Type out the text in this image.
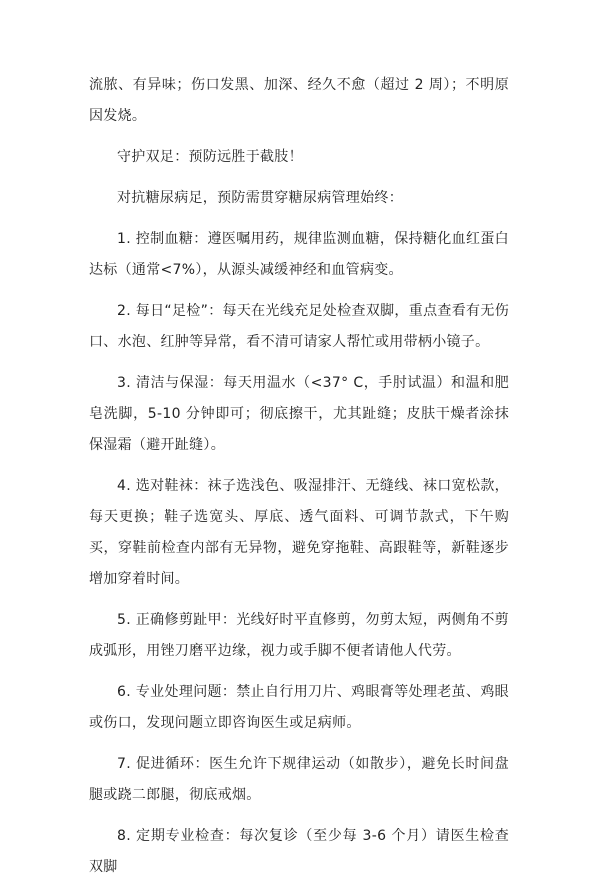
流脓、有异味；伤口发黑、加深、经久不愈（超过 2 周）；不明原因发烧。

守护双足：预防远胜于截肢！

对抗糖尿病足，预防需贯穿糖尿病管理始终：

1. 控制血糖：遵医嘱用药，规律监测血糖，保持糖化血红蛋白达标（通常<7%），从源头减缓神经和血管病变。

2. 每日“足检”：每天在光线充足处检查双脚，重点查看有无伤口、水泡、红肿等异常，看不清可请家人帮忙或用带柄小镜子。

3. 清洁与保湿：每天用温水（<37° C，手肘试温）和温和肥皂洗脚，5-10 分钟即可；彻底擦干，尤其趾缝；皮肤干燥者涂抹保湿霜（避开趾缝）。

4. 选对鞋袜：袜子选浅色、吸湿排汗、无缝线、袜口宽松款，每天更换；鞋子选宽头、厚底、透气面料、可调节款式，下午购买，穿鞋前检查内部有无异物，避免穿拖鞋、高跟鞋等，新鞋逐步增加穿着时间。

5. 正确修剪趾甲：光线好时平直修剪，勿剪太短，两侧角不剪成弧形，用锉刀磨平边缘，视力或手脚不便者请他人代劳。

6. 专业处理问题：禁止自行用刀片、鸡眼膏等处理老茧、鸡眼或伤口，发现问题立即咨询医生或足病师。

7. 促进循环：医生允许下规律运动（如散步），避免长时间盘腿或跷二郎腿，彻底戒烟。

8. 定期专业检查：每次复诊（至少每 3-6 个月）请医生检查双脚
